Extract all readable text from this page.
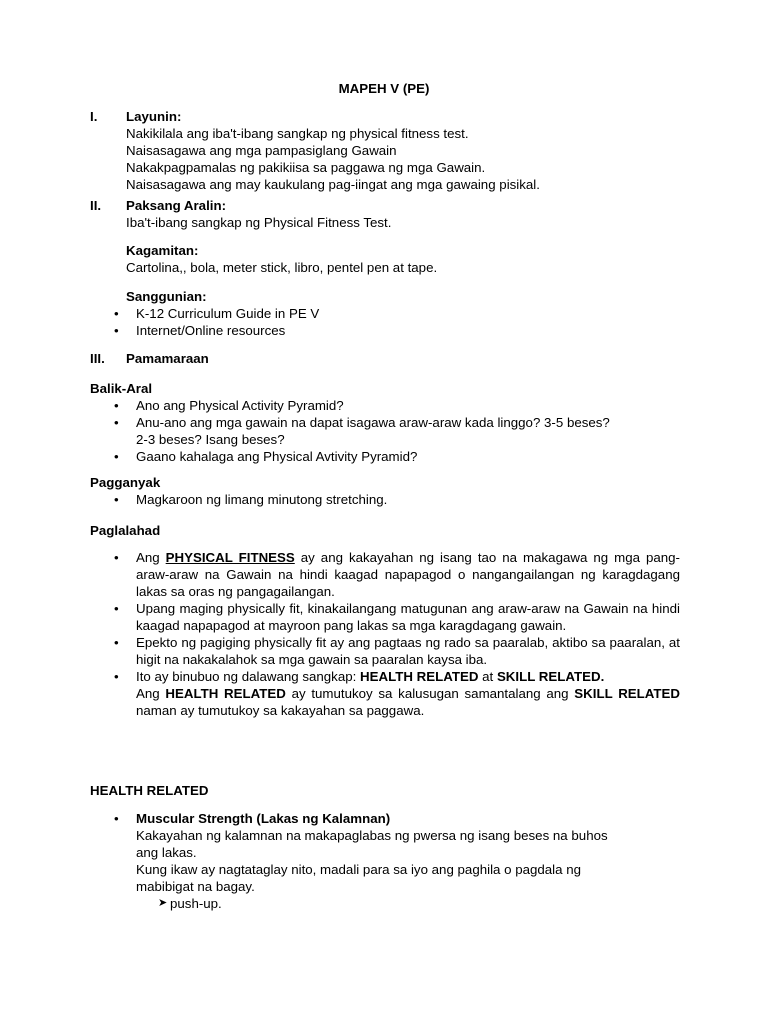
MAPEH V (PE)
I. Layunin:
Nakikilala ang iba't-ibang sangkap ng physical fitness test.
Naisasagawa ang mga pampasiglang Gawain
Nakakpagpamalas ng pakikiisa sa paggawa ng mga Gawain.
Naisasagawa ang may kaukulang pag-iingat ang mga gawaing pisikal.
II. Paksang Aralin:
Iba't-ibang sangkap ng Physical Fitness Test.
Kagamitan:
Cartolina,, bola, meter stick, libro, pentel pen at tape.
Sanggunian:
• K-12 Curriculum Guide in PE V
• Internet/Online resources
III. Pamamaraan
Balik-Aral
• Ano ang Physical Activity Pyramid?
• Anu-ano ang mga gawain na dapat isagawa araw-araw kada linggo? 3-5 beses?
2-3 beses? Isang beses?
• Gaano kahalaga ang Physical Avtivity Pyramid?
Pagganyak
• Magkaroon ng limang minutong stretching.
Paglalahad
• Ang PHYSICAL FITNESS ay ang kakayahan ng isang tao na makagawa ng mga pang-araw-araw na Gawain na hindi kaagad napapagod o nangangailangan ng karagdagang lakas sa oras ng pangagailangan.
• Upang maging physically fit, kinakailangang matugunan ang araw-araw na Gawain na hindi kaagad napapagod at mayroon pang lakas sa mga karagdagang gawain.
• Epekto ng pagiging physically fit ay ang pagtaas ng rado sa paaralab, aktibo sa paaralan, at higit na nakakalahok sa mga gawain sa paaralan kaysa iba.
• Ito ay binubuo ng dalawang sangkap: HEALTH RELATED at SKILL RELATED.
Ang HEALTH RELATED ay tumutukoy sa kalusugan samantalang ang SKILL RELATED naman ay tumutukoy sa kakayahan sa paggawa.
HEALTH RELATED
• Muscular Strength (Lakas ng Kalamnan)
Kakayahan ng kalamnan na makapaglabas ng pwersa ng isang beses na buhos
ang lakas.
Kung ikaw ay nagtataglay nito, madali para sa iyo ang paghila o pagdala ng
mabibigat na bagay.
➤ push-up.
